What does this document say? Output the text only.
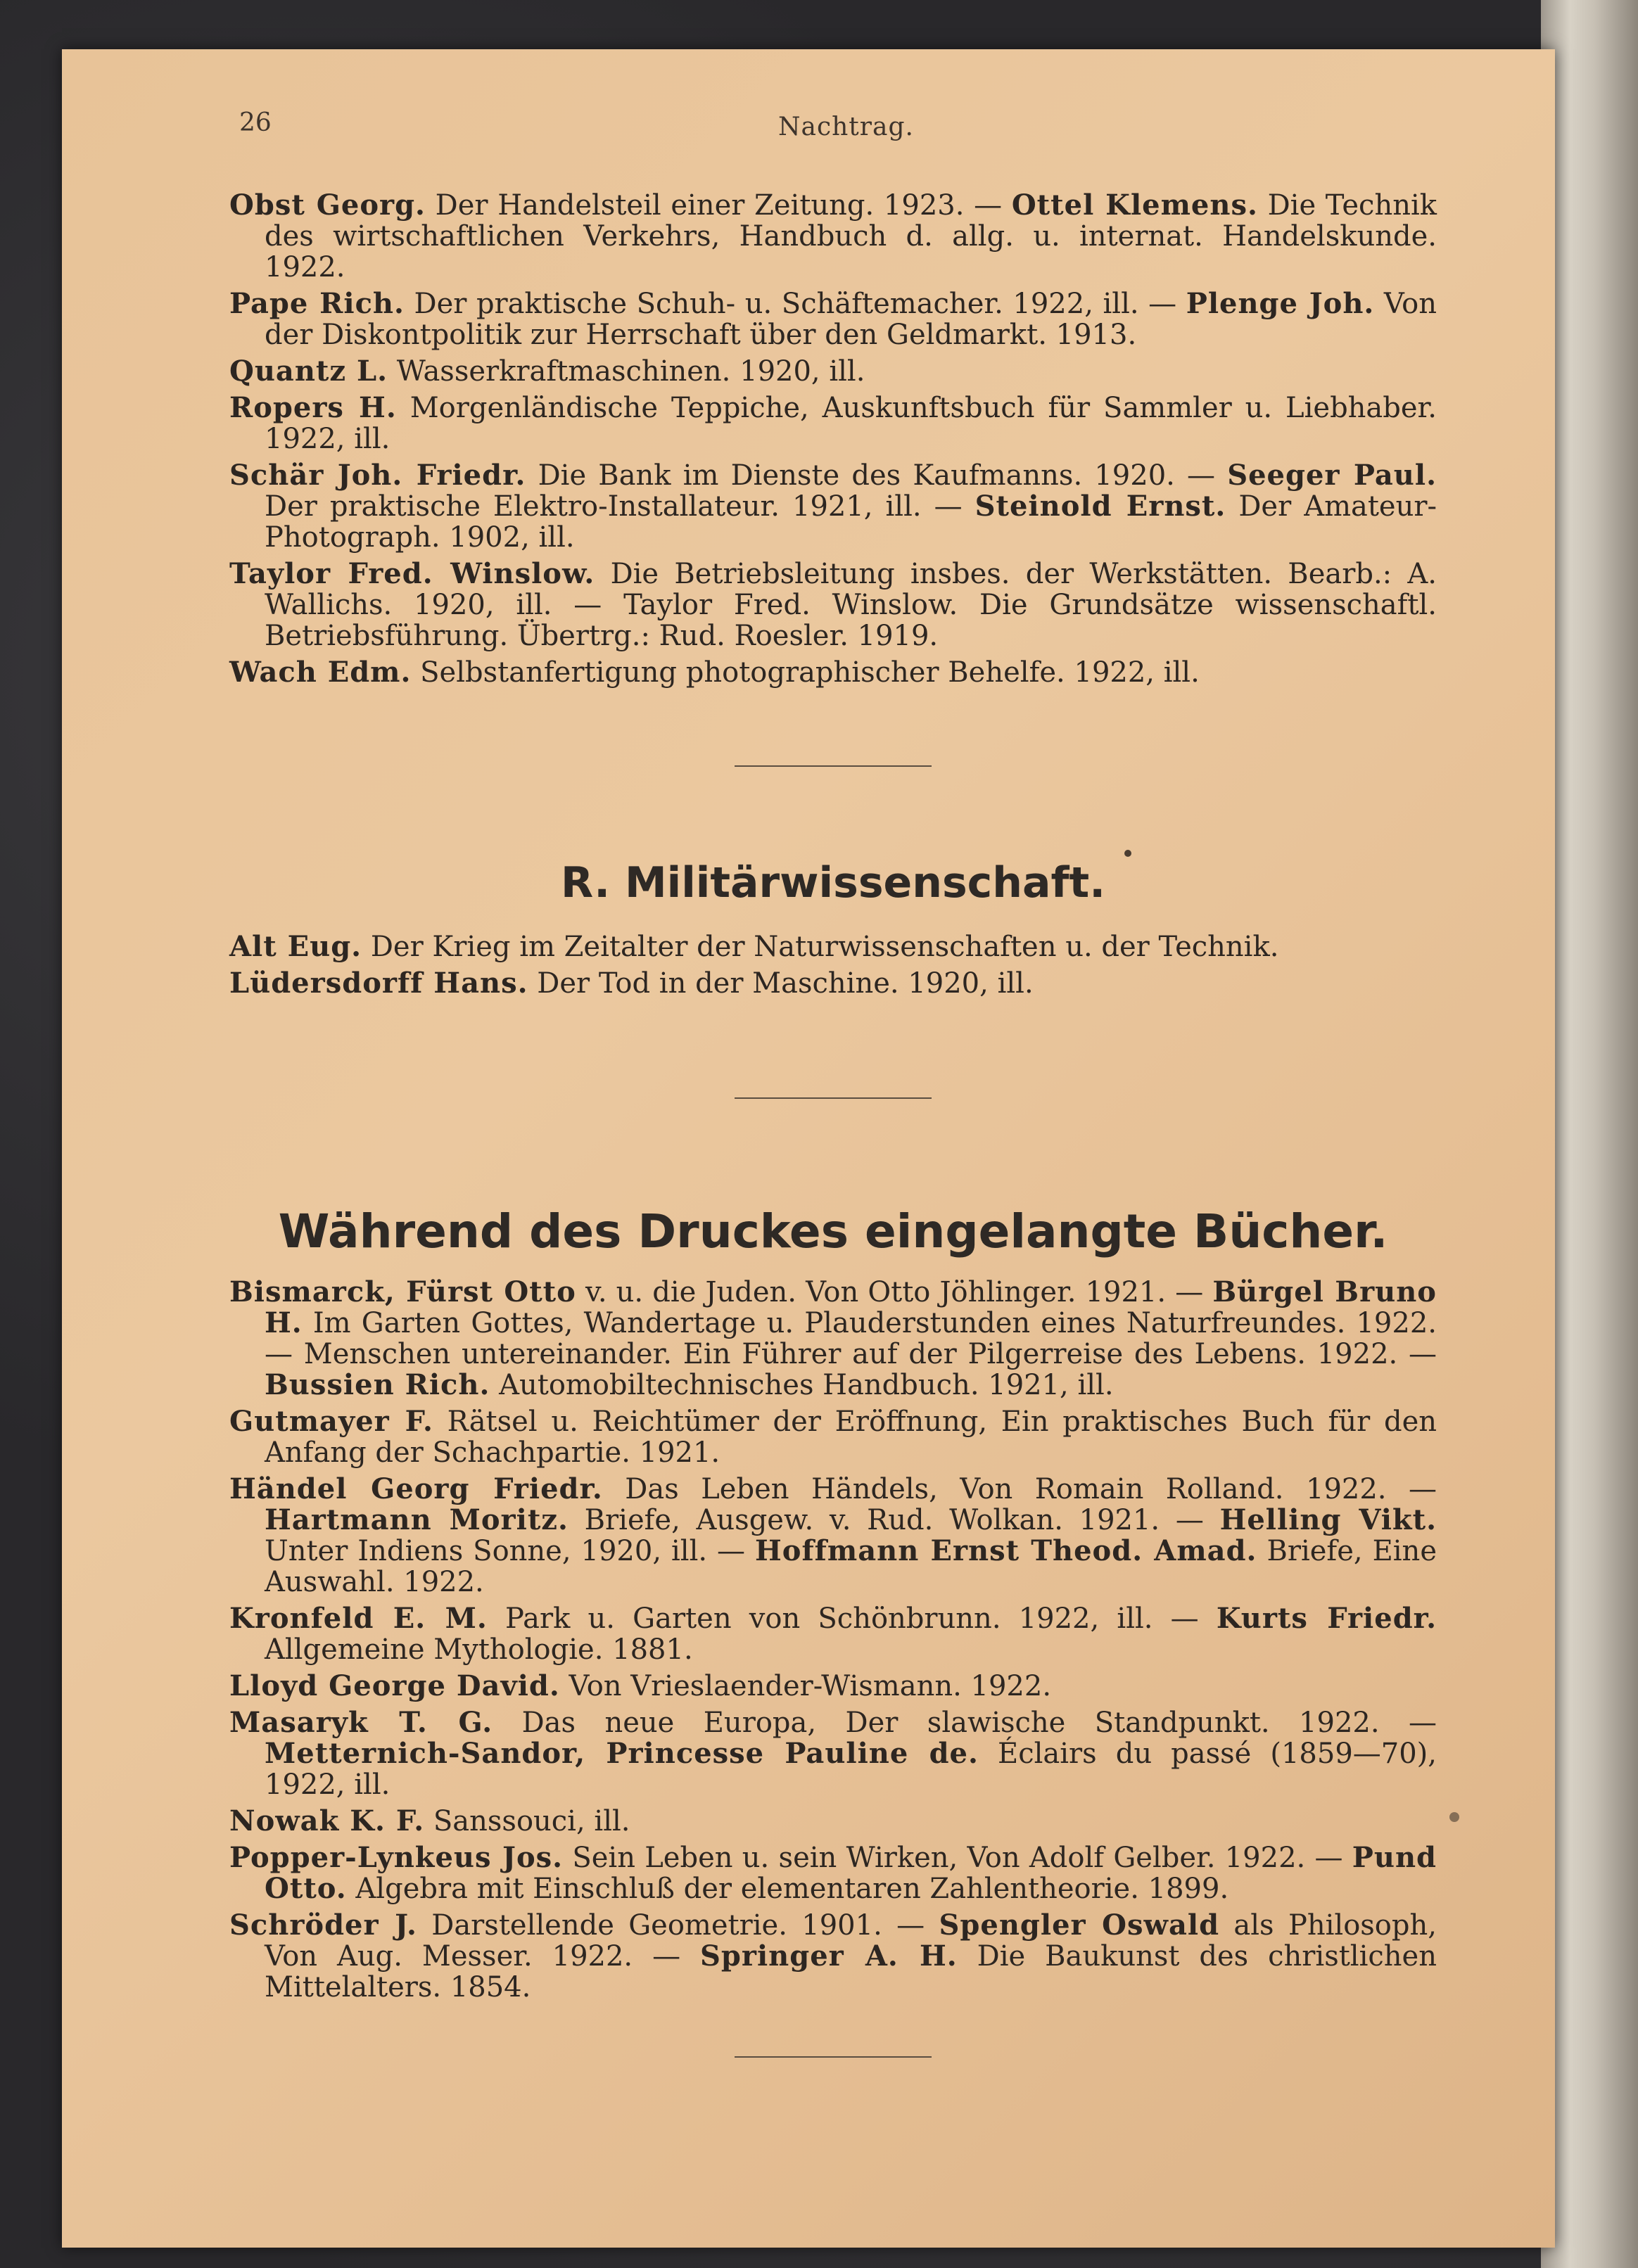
26	Nachtrag.

Obst Georg. Der Handelsteil einer Zeitung. 1923. — Ottel Klemens. Die Technik des wirtschaftlichen Verkehrs, Handbuch d. allg. u. internat. Handelskunde. 1922.

Pape Rich. Der praktische Schuh- u. Schäftemacher. 1922, ill. — Plenge Joh. Von der Diskontpolitik zur Herrschaft über den Geldmarkt. 1913.

Quantz L. Wasserkraftmaschinen. 1920, ill.

Ropers H. Morgenländische Teppiche, Auskunftsbuch für Sammler u. Liebhaber. 1922, ill.

Schär Joh. Friedr. Die Bank im Dienste des Kaufmanns. 1920. — Seeger Paul. Der praktische Elektro-Installateur. 1921, ill. — Steinold Ernst. Der Amateur-Photograph. 1902, ill.

Taylor Fred. Winslow. Die Betriebsleitung insbes. der Werkstätten. Bearb.: A. Wallichs. 1920, ill. — Taylor Fred. Winslow. Die Grundsätze wissenschaftl. Betriebsführung. Übertrg.: Rud. Roesler. 1919.

Wach Edm. Selbstanfertigung photographischer Behelfe. 1922, ill.

R. Militärwissenschaft.

Alt Eug. Der Krieg im Zeitalter der Naturwissenschaften u. der Technik.

Lüdersdorff Hans. Der Tod in der Maschine. 1920, ill.

Während des Druckes eingelangte Bücher.

Bismarck, Fürst Otto v. u. die Juden. Von Otto Jöhlinger. 1921. — Bürgel Bruno H. Im Garten Gottes, Wandertage u. Plauderstunden eines Naturfreundes. 1922. — Menschen untereinander. Ein Führer auf der Pilgerreise des Lebens. 1922. — Bussien Rich. Automobiltechnisches Handbuch. 1921, ill.

Gutmayer F. Rätsel u. Reichtümer der Eröffnung, Ein praktisches Buch für den Anfang der Schachpartie. 1921.

Händel Georg Friedr. Das Leben Händels, Von Romain Rolland. 1922. — Hartmann Moritz. Briefe, Ausgew. v. Rud. Wolkan. 1921. — Helling Vikt. Unter Indiens Sonne, 1920, ill. — Hoffmann Ernst Theod. Amad. Briefe, Eine Auswahl. 1922.

Kronfeld E. M. Park u. Garten von Schönbrunn. 1922, ill. — Kurts Friedr. Allgemeine Mythologie. 1881.

Lloyd George David. Von Vrieslaender-Wismann. 1922.

Masaryk T. G. Das neue Europa, Der slawische Standpunkt. 1922. — Metternich-Sandor, Princesse Pauline de. Éclairs du passé (1859—70), 1922, ill.

Nowak K. F. Sanssouci, ill.

Popper-Lynkeus Jos. Sein Leben u. sein Wirken, Von Adolf Gelber. 1922. — Pund Otto. Algebra mit Einschluß der elementaren Zahlentheorie. 1899.

Schröder J. Darstellende Geometrie. 1901. — Spengler Oswald als Philosoph, Von Aug. Messer. 1922. — Springer A. H. Die Baukunst des christlichen Mittelalters. 1854.
